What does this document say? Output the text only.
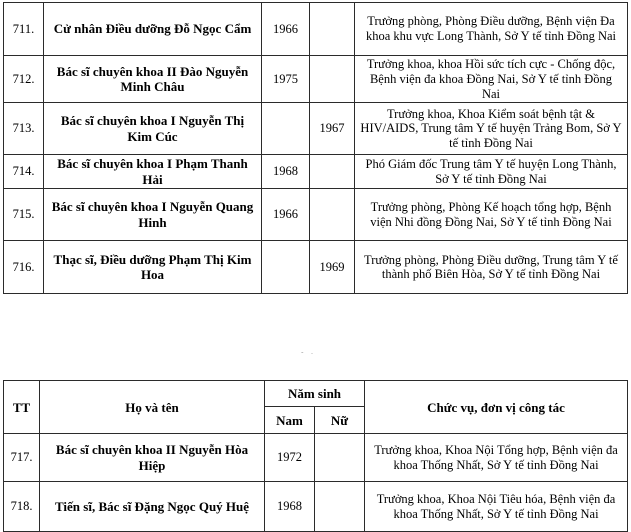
711.	Cử nhân Điều dưỡng Đỗ Ngọc Cẩm	1966		Trưởng phòng, Phòng Điều dưỡng, Bệnh viện Đa khoa khu vực Long Thành, Sở Y tế tỉnh Đồng Nai
712.	Bác sĩ chuyên khoa II Đào Nguyễn Minh Châu	1975		Trưởng khoa, khoa Hồi sức tích cực - Chống độc, Bệnh viện đa khoa Đồng Nai, Sở Y tế tỉnh Đồng Nai
713.	Bác sĩ chuyên khoa I Nguyễn Thị Kim Cúc		1967	Trưởng khoa, Khoa Kiểm soát bệnh tật & HIV/AIDS, Trung tâm Y tế huyện Trảng Bom, Sở Y tế tỉnh Đồng Nai
714.	Bác sĩ chuyên khoa I Phạm Thanh Hải	1968		Phó Giám đốc Trung tâm Y tế huyện Long Thành, Sở Y tế tỉnh Đồng Nai
715.	Bác sĩ chuyên khoa I Nguyễn Quang Hinh	1966		Trưởng phòng, Phòng Kế hoạch tổng hợp, Bệnh viện Nhi đồng Đồng Nai, Sở Y tế tỉnh Đồng Nai
716.	Thạc sĩ, Điều dưỡng Phạm Thị Kim Hoa		1969	Trưởng phòng, Phòng Điều dưỡng, Trung tâm Y tế thành phố Biên Hòa, Sở Y tế tỉnh Đồng Nai
- .
TT	Họ và tên	Năm sinh		Chức vụ, đơn vị công tác
		Nam	Nữ	
717.	Bác sĩ chuyên khoa II Nguyễn Hòa Hiệp	1972		Trưởng khoa, Khoa Nội Tổng hợp, Bệnh viện đa khoa Thống Nhất, Sở Y tế tỉnh Đồng Nai
718.	Tiến sĩ, Bác sĩ Đặng Ngọc Quý Huệ	1968		Trưởng khoa, Khoa Nội Tiêu hóa, Bệnh viện đa khoa Thống Nhất, Sở Y tế tỉnh Đồng Nai
